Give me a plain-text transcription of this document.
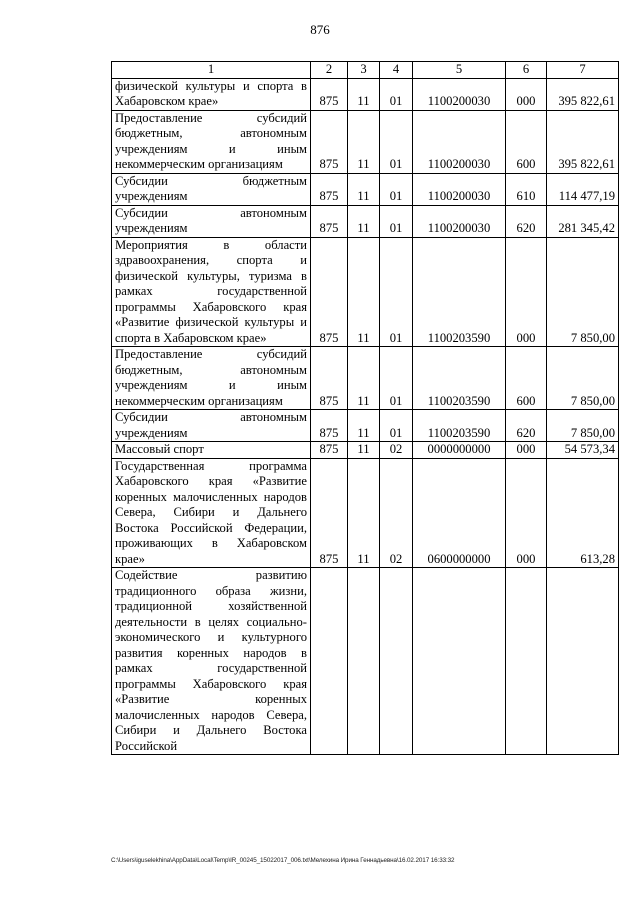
876
1	2	3	4	5	6	7
физической культуры и спорта в Хабаровском крае»	875	11	01	1100200030	000	395 822,61
Предоставление субсидий бюджетным, автономным учреждениям и иным некоммерческим организациям	875	11	01	1100200030	600	395 822,61
Субсидии бюджетным учреждениям	875	11	01	1100200030	610	114 477,19
Субсидии автономным учреждениям	875	11	01	1100200030	620	281 345,42
Мероприятия в области здравоохранения, спорта и физической культуры, туризма в рамках государственной программы Хабаровского края «Развитие физической культуры и спорта в Хабаровском крае»	875	11	01	1100203590	000	7 850,00
Предоставление субсидий бюджетным, автономным учреждениям и иным некоммерческим организациям	875	11	01	1100203590	600	7 850,00
Субсидии автономным учреждениям	875	11	01	1100203590	620	7 850,00
Массовый спорт	875	11	02	0000000000	000	54 573,34
Государственная программа Хабаровского края «Развитие коренных малочисленных народов Севера, Сибири и Дальнего Востока Российской Федерации, проживающих в Хабаровском крае»	875	11	02	0600000000	000	613,28
Содействие развитию традиционного образа жизни, традиционной хозяйственной деятельности в целях социально-экономического и культурного развития коренных народов в рамках государственной программы Хабаровского края «Развитие коренных малочисленных народов Севера, Сибири и Дальнего Востока Российской						
C:\Users\iguselekhina\AppData\Local\Temp\IR_00245_15022017_006.txt\Мелехина Ирина Геннадьевна\16.02.2017 16:33:32
